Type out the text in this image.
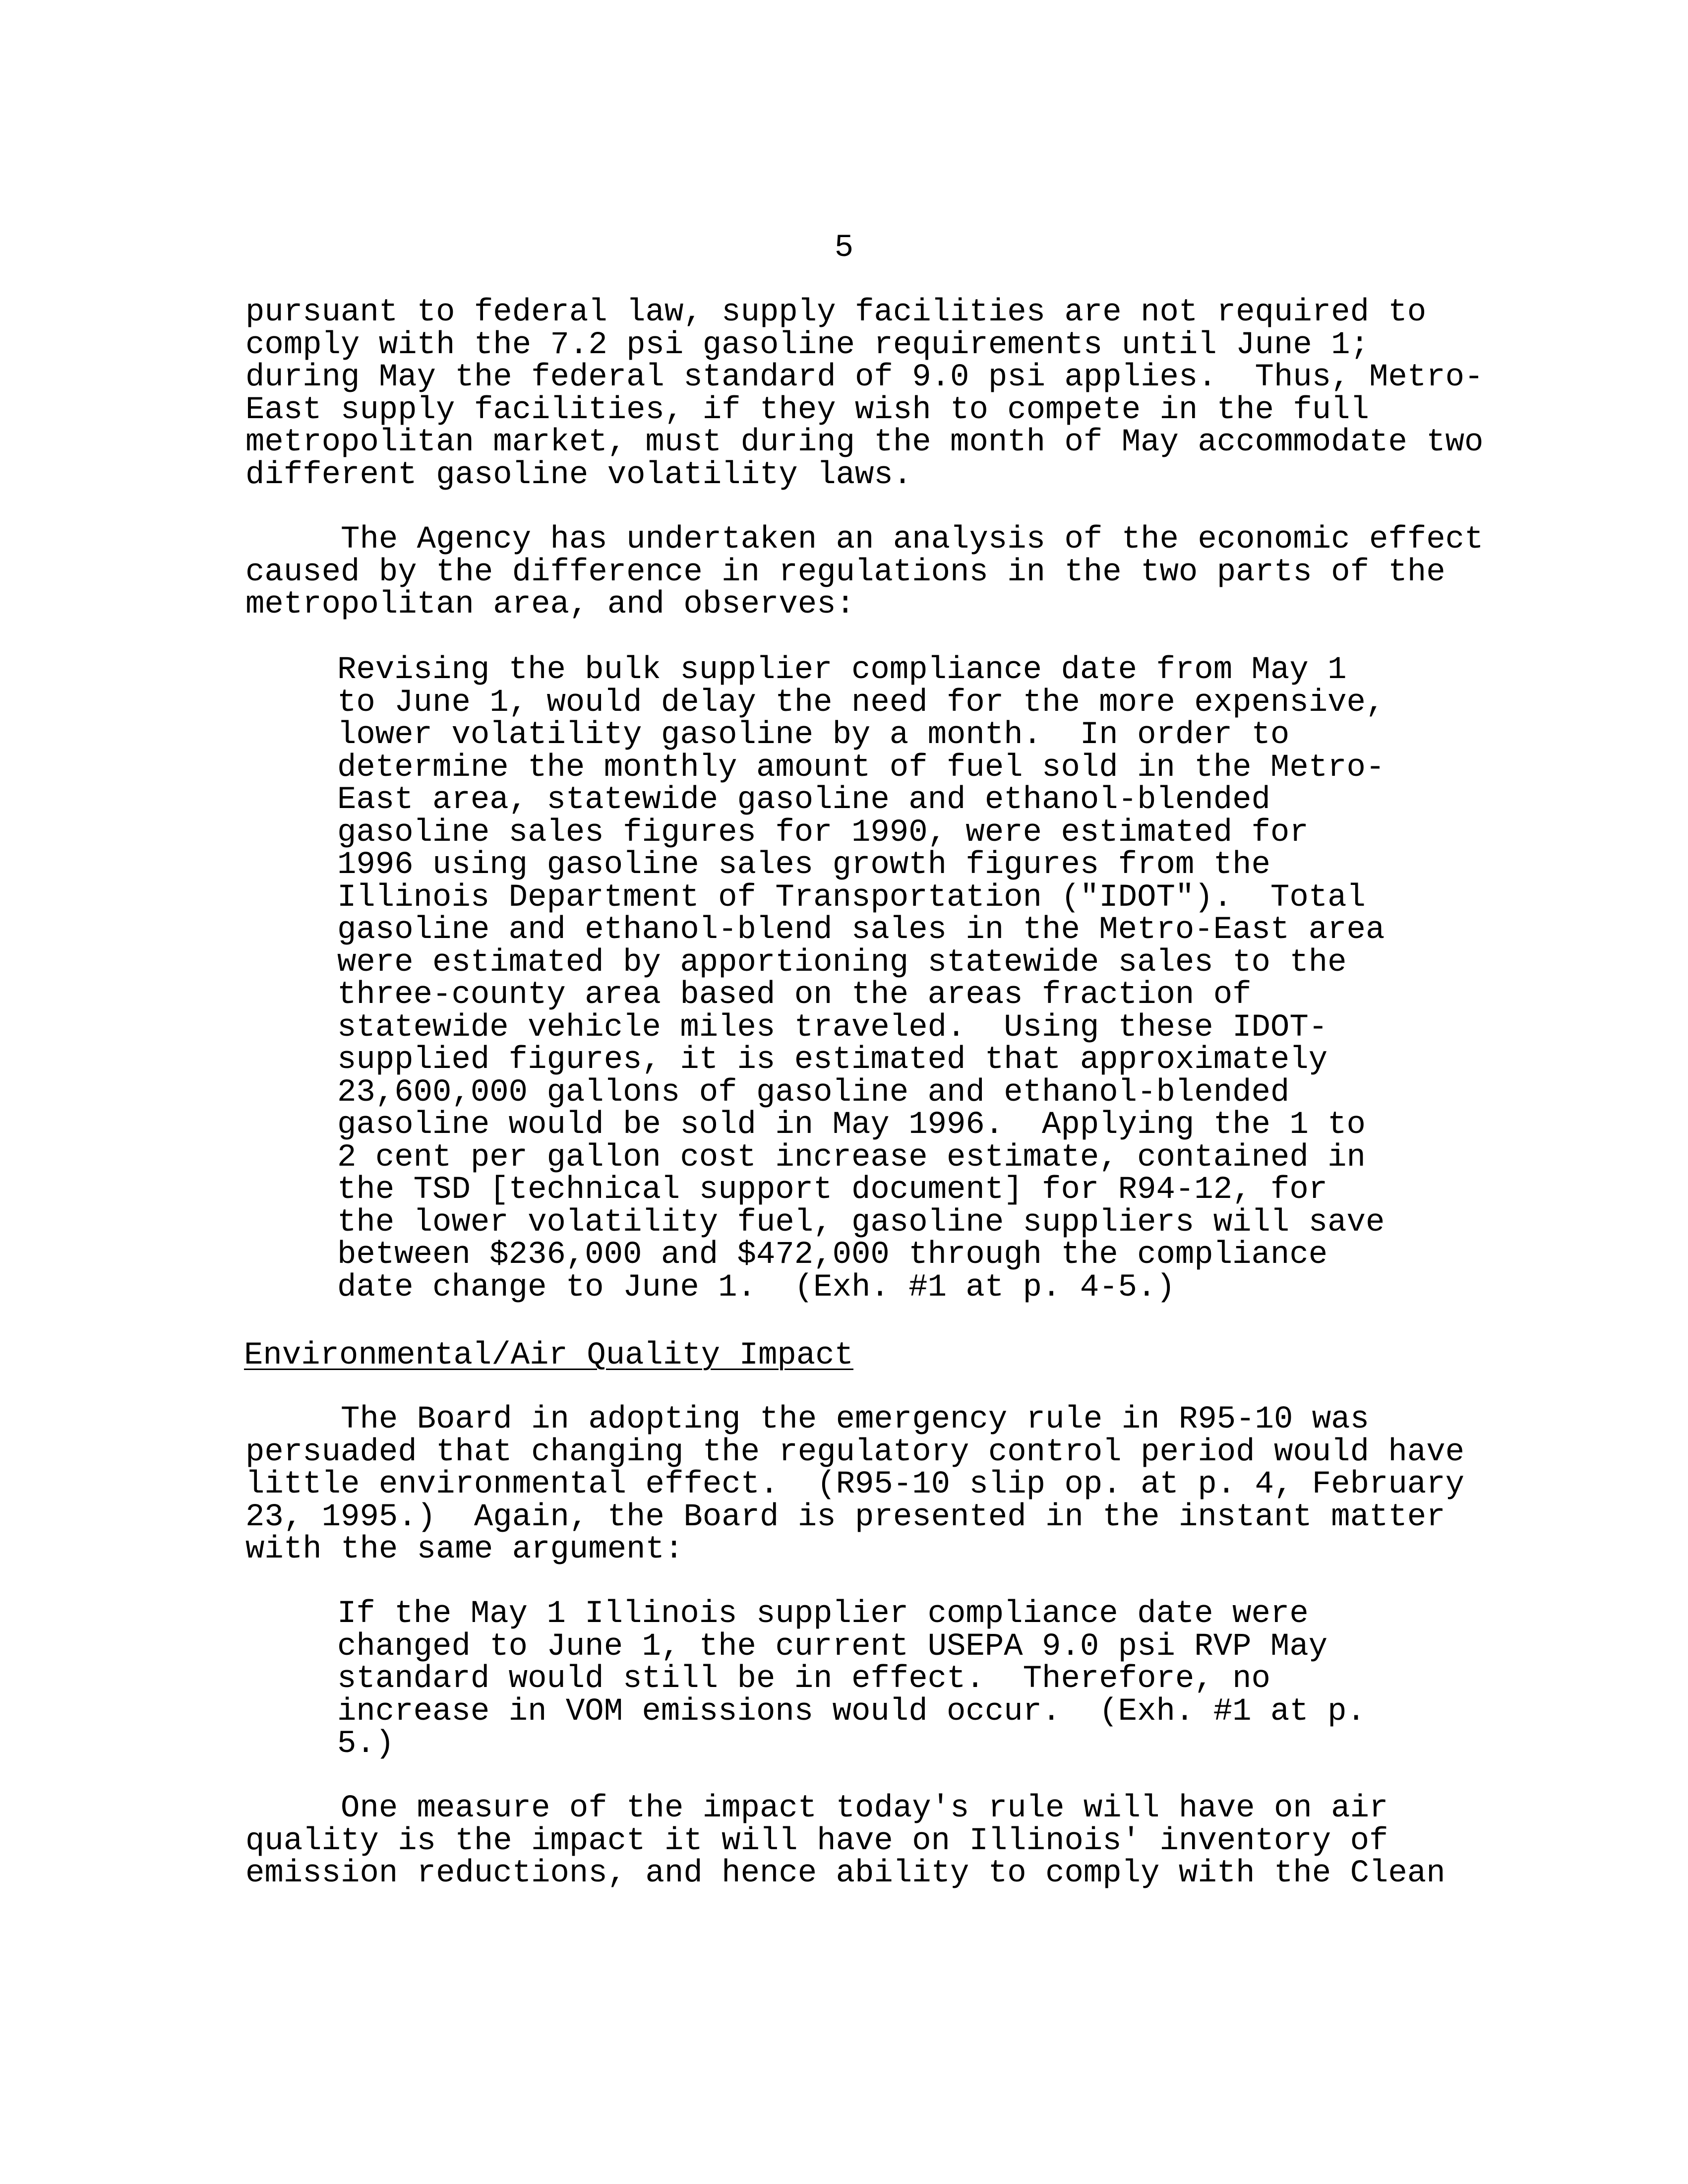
5

pursuant to federal law, supply facilities are not required to
comply with the 7.2 psi gasoline requirements until June 1;
during May the federal standard of 9.0 psi applies.  Thus, Metro-
East supply facilities, if they wish to compete in the full
metropolitan market, must during the month of May accommodate two
different gasoline volatility laws.
The Agency has undertaken an analysis of the economic effect
caused by the difference in regulations in the two parts of the
metropolitan area, and observes:
Revising the bulk supplier compliance date from May 1
to June 1, would delay the need for the more expensive,
lower volatility gasoline by a month.  In order to
determine the monthly amount of fuel sold in the Metro-
East area, statewide gasoline and ethanol-blended
gasoline sales figures for 1990, were estimated for
1996 using gasoline sales growth figures from the
Illinois Department of Transportation ("IDOT").  Total
gasoline and ethanol-blend sales in the Metro-East area
were estimated by apportioning statewide sales to the
three-county area based on the areas fraction of
statewide vehicle miles traveled.  Using these IDOT-
supplied figures, it is estimated that approximately
23,600,000 gallons of gasoline and ethanol-blended
gasoline would be sold in May 1996.  Applying the 1 to
2 cent per gallon cost increase estimate, contained in
the TSD [technical support document] for R94-12, for
the lower volatility fuel, gasoline suppliers will save
between $236,000 and $472,000 through the compliance
date change to June 1.  (Exh. #1 at p. 4-5.)
Environmental/Air Quality Impact
The Board in adopting the emergency rule in R95-10 was
persuaded that changing the regulatory control period would have
little environmental effect.  (R95-10 slip op. at p. 4, February
23, 1995.)  Again, the Board is presented in the instant matter
with the same argument:
If the May 1 Illinois supplier compliance date were
changed to June 1, the current USEPA 9.0 psi RVP May
standard would still be in effect.  Therefore, no
increase in VOM emissions would occur.  (Exh. #1 at p.
5.)
One measure of the impact today's rule will have on air
quality is the impact it will have on Illinois' inventory of
emission reductions, and hence ability to comply with the Clean
